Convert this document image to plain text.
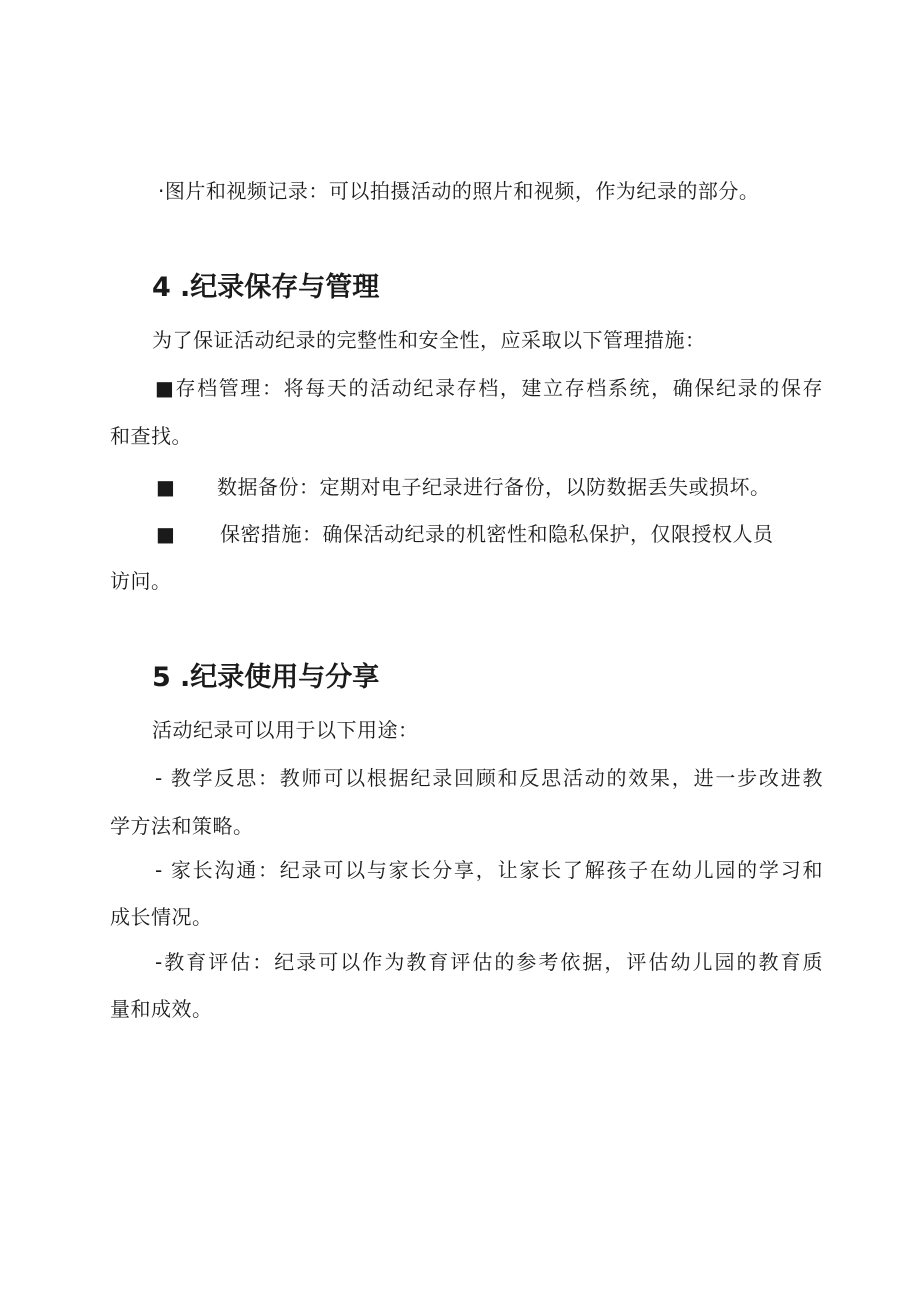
·图片和视频记录：可以拍摄活动的照片和视频，作为纪录的部分。
4 .纪录保存与管理
为了保证活动纪录的完整性和安全性，应采取以下管理措施：
■存档管理：将每天的活动纪录存档，建立存档系统，确保纪录的保存
和查找。
■ 数据备份：定期对电子纪录进行备份，以防数据丢失或损坏。
■ 保密措施：确保活动纪录的机密性和隐私保护，仅限授权人员
访问。
5 .纪录使用与分享
活动纪录可以用于以下用途：
- 教学反思：教师可以根据纪录回顾和反思活动的效果，进一步改进教
学方法和策略。
- 家长沟通：纪录可以与家长分享，让家长了解孩子在幼儿园的学习和
成长情况。
-教育评估：纪录可以作为教育评估的参考依据，评估幼儿园的教育质
量和成效。
